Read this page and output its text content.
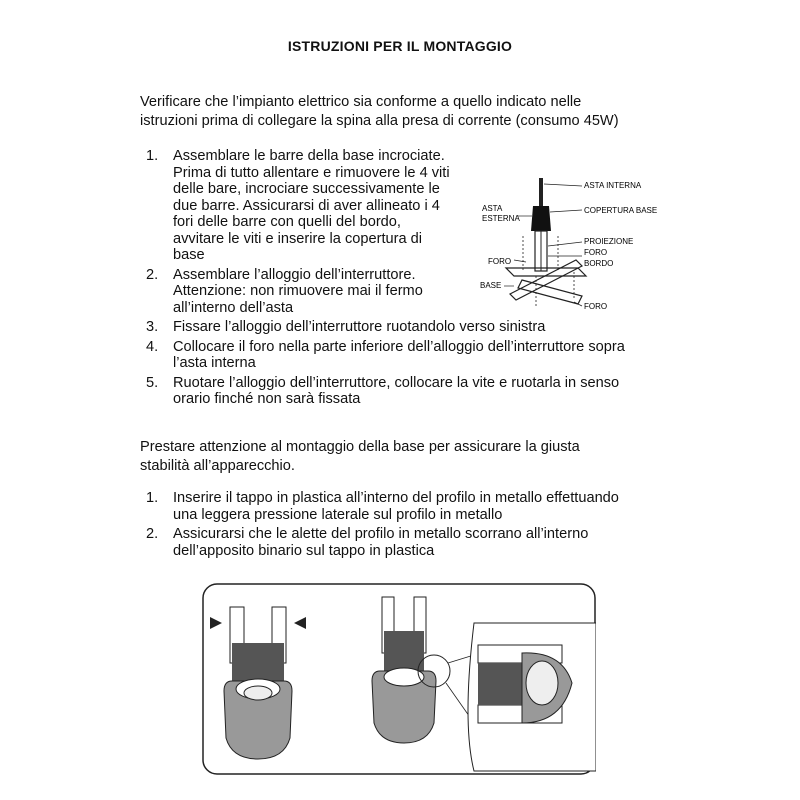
ISTRUZIONI PER IL MONTAGGIO
Verificare che l’impianto elettrico sia conforme a quello indicato nelle
istruzioni prima di collegare la spina alla presa di corrente (consumo 45W)
1. Assemblare le barre della base incrociate.
Prima di tutto allentare e rimuovere le 4 viti
delle bare, incrociare successivamente le
due barre. Assicurarsi di aver allineato i 4
fori delle barre con quelli del bordo,
avvitare le viti e inserire la copertura di
base
2. Assemblare l’alloggio dell’interruttore.
Attenzione: non rimuovere mai il fermo
all’interno dell’asta
3. Fissare l’alloggio dell’interruttore ruotandolo verso sinistra
4. Collocare il foro nella parte inferiore dell’alloggio dell’interruttore sopra
l’asta interna
5. Ruotare l’alloggio dell’interruttore, collocare la vite e ruotarla in senso
orario finché non sarà fissata
Prestare attenzione al montaggio della base per assicurare la giusta
stabilità all’apparecchio.
1. Inserire il tappo in plastica all’interno del profilo in metallo effettuando
una leggera pressione laterale sul profilo in metallo
2. Assicurarsi che le alette del profilo in metallo scorrano all’interno
dell’apposito binario sul tappo in plastica
ASTA INTERNA
ASTA
ESTERNA
COPERTURA BASE
PROIEZIONE
FORO
BORDO
FORO
BASE
FORO
